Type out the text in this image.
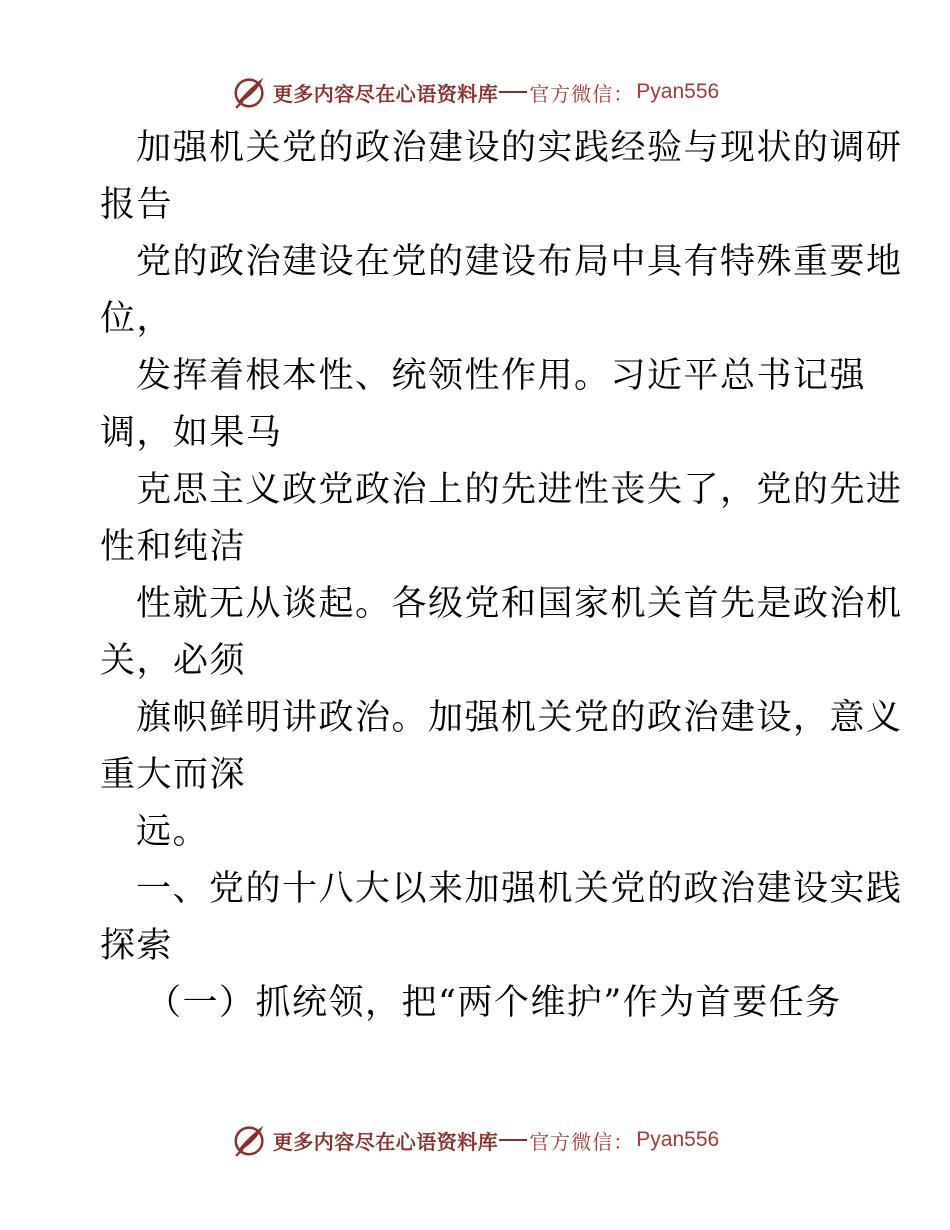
更多内容尽在心语资料库 官方微信： Pyan556
加强机关党的政治建设的实践经验与现状的调研
报告
党的政治建设在党的建设布局中具有特殊重要地
位，
发挥着根本性、统领性作用。习近平总书记强
调，如果马
克思主义政党政治上的先进性丧失了，党的先进
性和纯洁
性就无从谈起。各级党和国家机关首先是政治机
关，必须
旗帜鲜明讲政治。加强机关党的政治建设，意义
重大而深
远。
一、党的十八大以来加强机关党的政治建设实践
探索
（一）抓统领，把“两个维护”作为首要任务
更多内容尽在心语资料库 官方微信： Pyan556
